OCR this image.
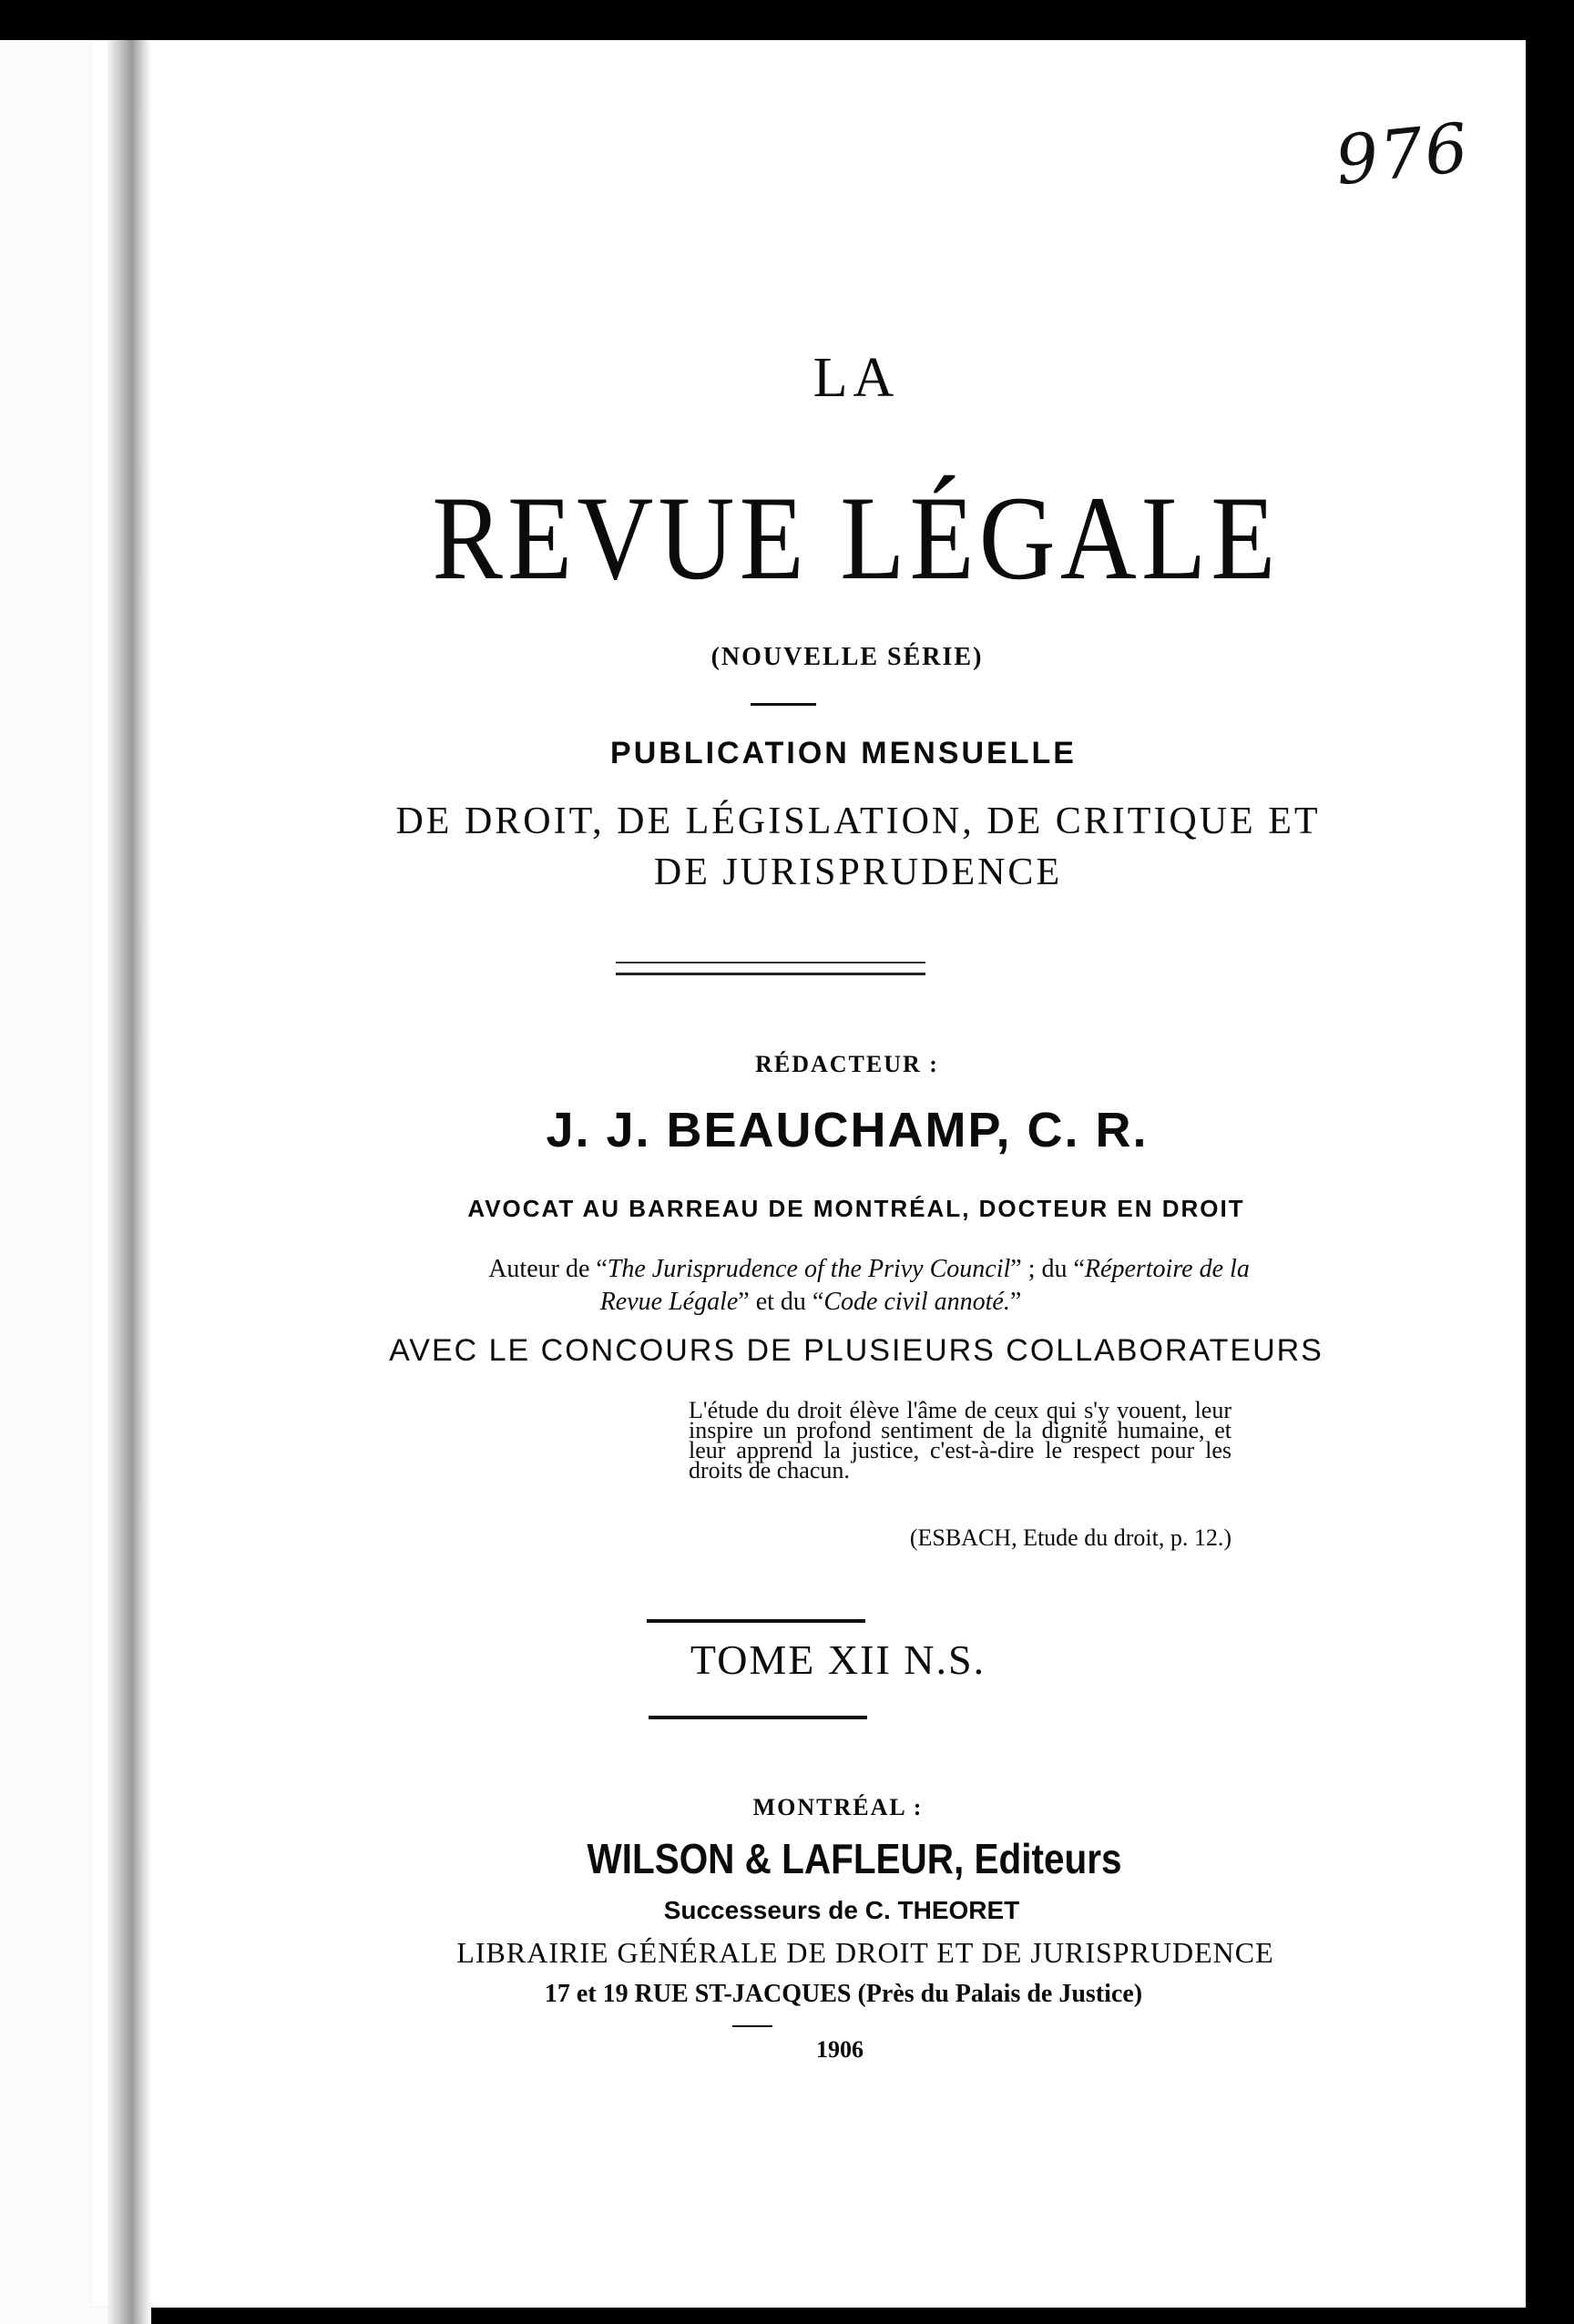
976
LA
REVUE LÉGALE
(NOUVELLE SÉRIE)
PUBLICATION MENSUELLE
DE DROIT, DE LÉGISLATION, DE CRITIQUE ET
DE JURISPRUDENCE
RÉDACTEUR :
J. J. BEAUCHAMP, C. R.
AVOCAT AU BARREAU DE MONTRÉAL, DOCTEUR EN DROIT
Auteur de “The Jurisprudence of the Privy Council” ; du “Répertoire de la
Revue Légale” et du “Code civil annoté.”
AVEC LE CONCOURS DE PLUSIEURS COLLABORATEURS
L'étude du droit élève l'âme de ceux qui s'y vouent, leur inspire un profond sentiment de la dignité humaine, et leur apprend la justice, c'est-à-dire le respect pour les droits de chacun.
(ESBACH, Etude du droit, p. 12.)
TOME XII N.S.
MONTRÉAL :
WILSON & LAFLEUR, Editeurs
Successeurs de C. THEORET
LIBRAIRIE GÉNÉRALE DE DROIT ET DE JURISPRUDENCE
17 et 19 RUE ST-JACQUES (Près du Palais de Justice)
1906
